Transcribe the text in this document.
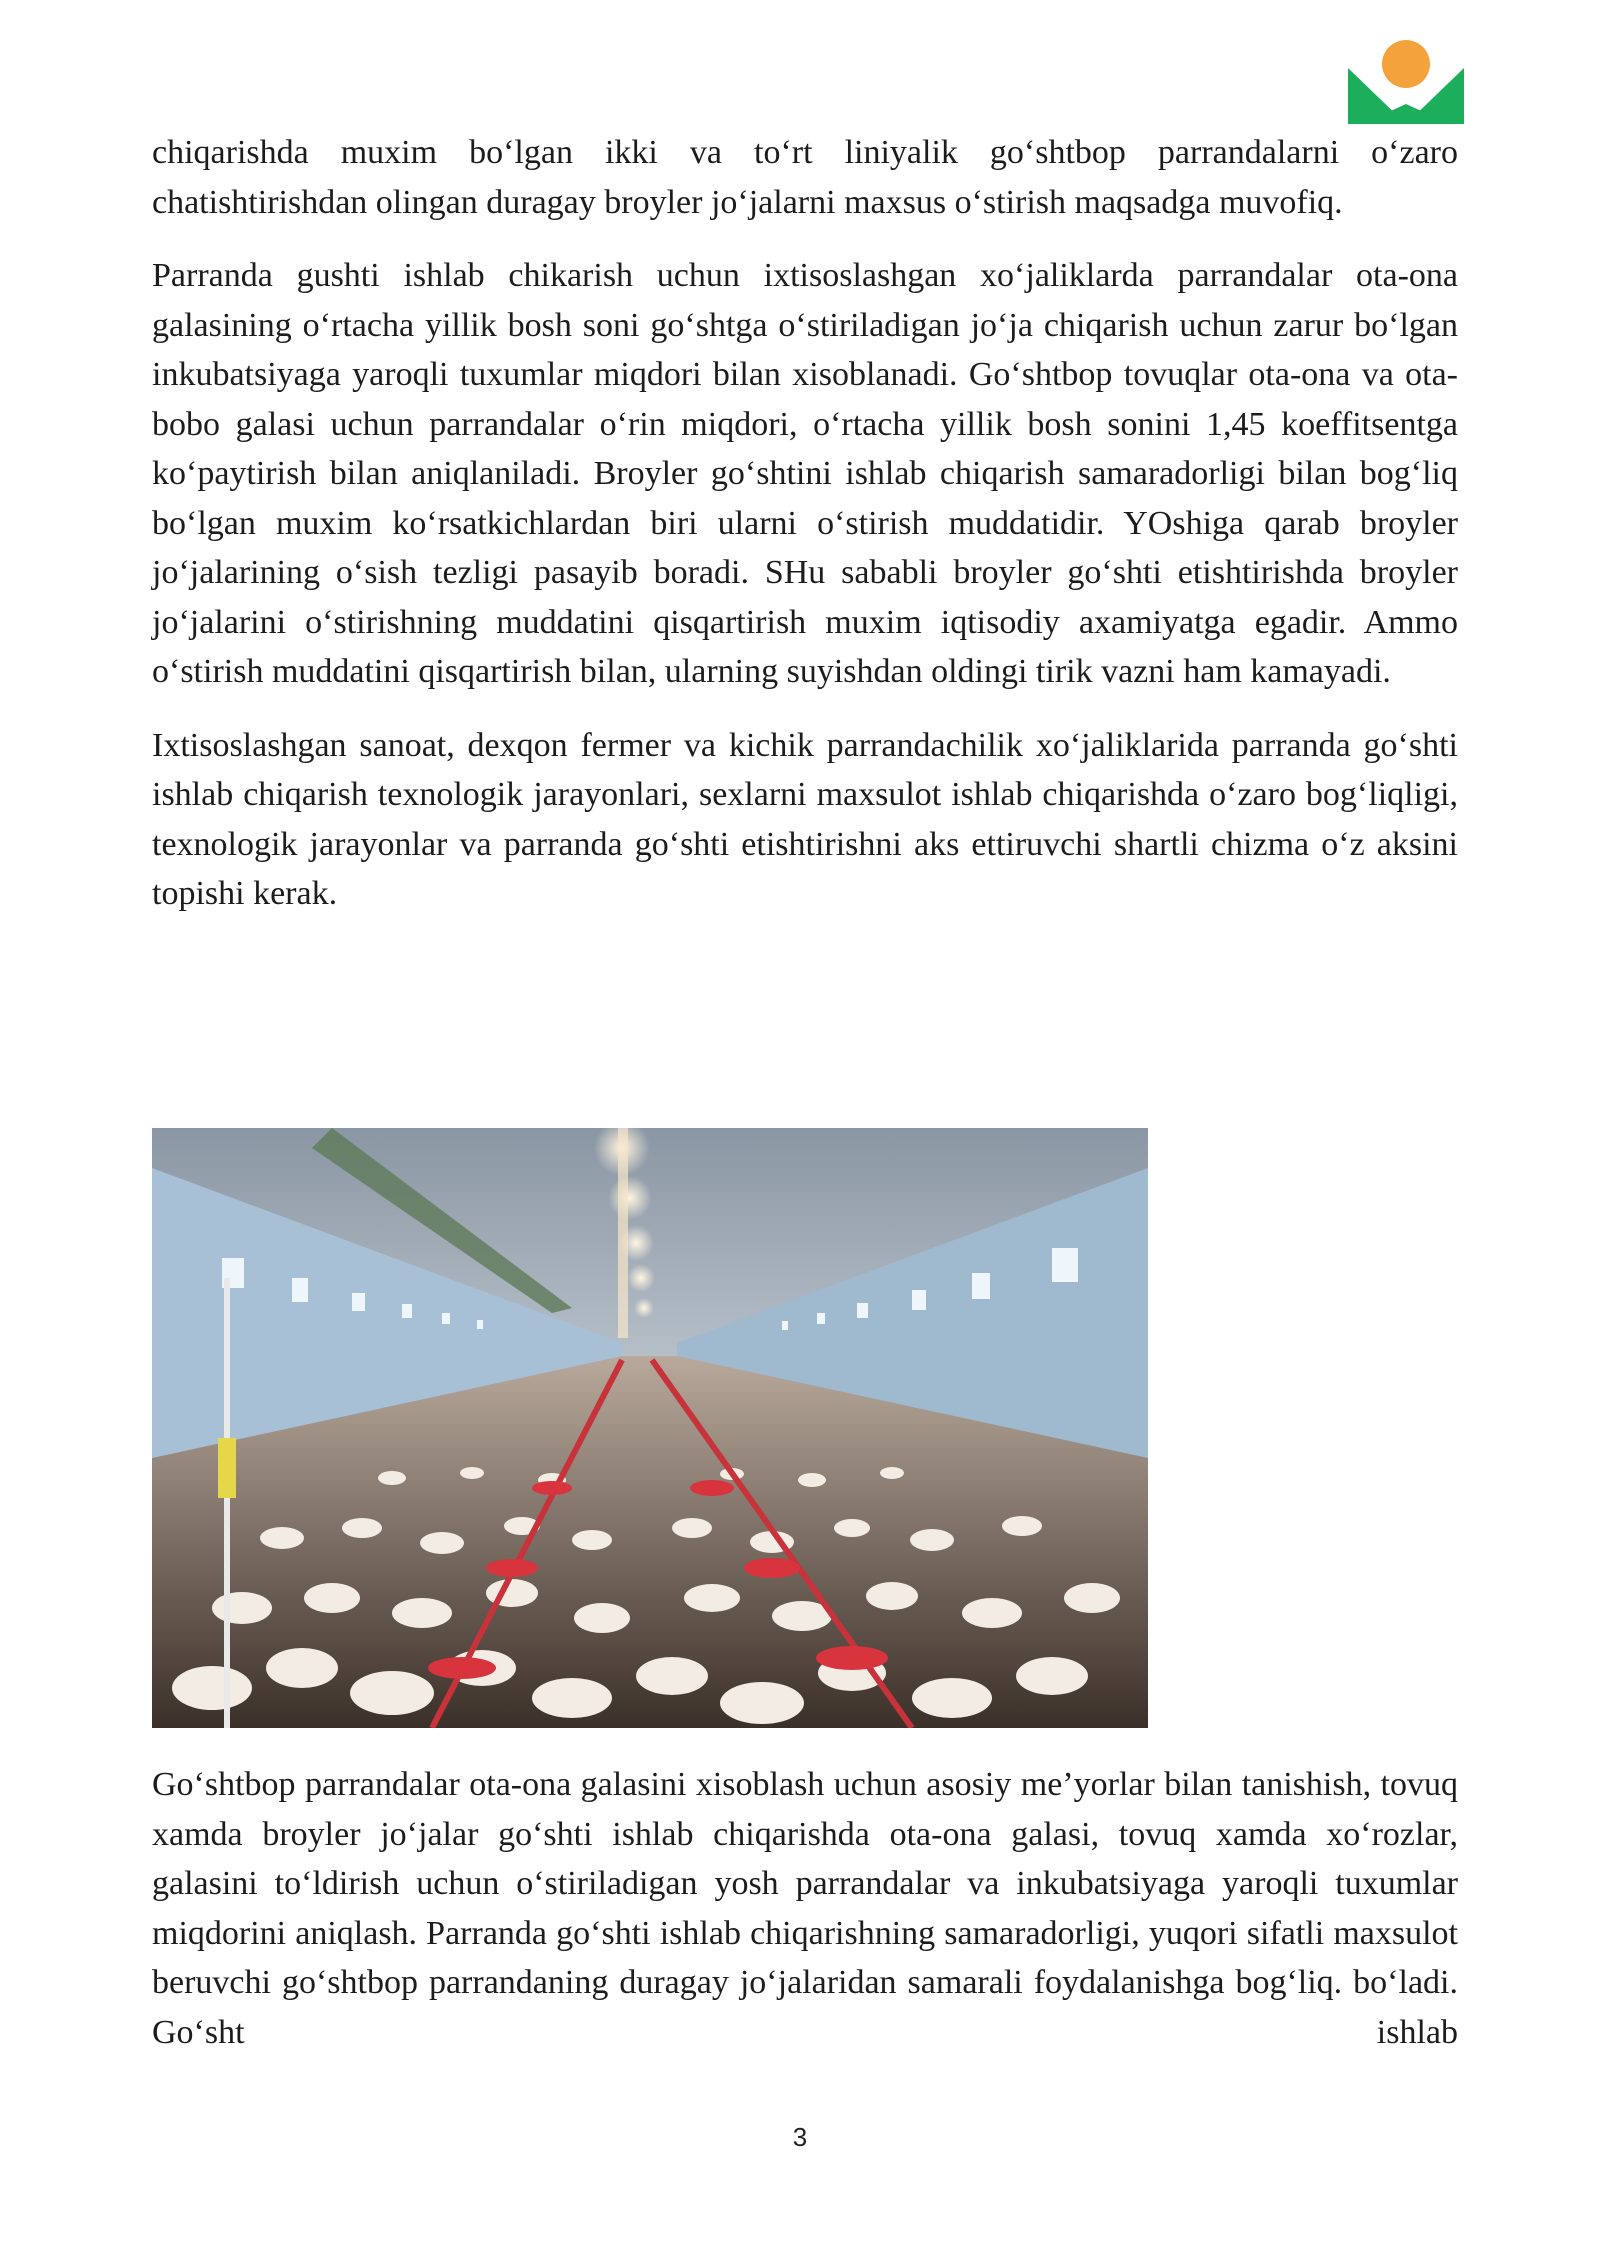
chiqarishda muxim bo‘lgan ikki va to‘rt liniyalik go‘shtbop parrandalarni o‘zaro chatishtirishdan olingan duragay broyler jo‘jalarni maxsus o‘stirish maqsadga muvofiq.

Parranda gushti ishlab chikarish uchun ixtisoslashgan xo‘jaliklarda parrandalar ota-ona galasining o‘rtacha yillik bosh soni go‘shtga o‘stiriladigan jo‘ja chiqarish uchun zarur bo‘lgan inkubatsiyaga yaroqli tuxumlar miqdori bilan xisoblanadi. Go‘shtbop tovuqlar ota-ona va ota-bobo galasi uchun parrandalar o‘rin miqdori, o‘rtacha yillik bosh sonini 1,45 koeffitsentga ko‘paytirish bilan aniqlaniladi. Broyler go‘shtini ishlab chiqarish samaradorligi bilan bog‘liq bo‘lgan muxim ko‘rsatkichlardan biri ularni o‘stirish muddatidir. YOshiga qarab broyler jo‘jalarining o‘sish tezligi pasayib boradi. SHu sababli broyler go‘shti etishtirishda broyler jo‘jalarini o‘stirishning muddatini qisqartirish muxim iqtisodiy axamiyatga egadir. Ammo o‘stirish muddatini qisqartirish bilan, ularning suyishdan oldingi tirik vazni ham kamayadi.

Ixtisoslashgan sanoat, dexqon fermer va kichik parrandachilik xo‘jaliklarida parranda go‘shti ishlab chiqarish texnologik jarayonlari, sexlarni maxsulot ishlab chiqarishda o‘zaro bog‘liqligi, texnologik jarayonlar va parranda go‘shti etishtirishni aks ettiruvchi shartli chizma o‘z aksini topishi kerak.

Go‘shtbop parrandalar ota-ona galasini xisoblash uchun asosiy me’yorlar bilan tanishish, tovuq xamda broyler jo‘jalar go‘shti ishlab chiqarishda ota-ona galasi, tovuq xamda xo‘rozlar, galasini to‘ldirish uchun o‘stiriladigan yosh parrandalar va inkubatsiyaga yaroqli tuxumlar miqdorini aniqlash. Parranda go‘shti ishlab chiqarishning samaradorligi, yuqori sifatli maxsulot beruvchi go‘shtbop parrandaning duragay jo‘jalaridan samarali foydalanishga bog‘liq. bo‘ladi. Go‘sht ishlab

3
